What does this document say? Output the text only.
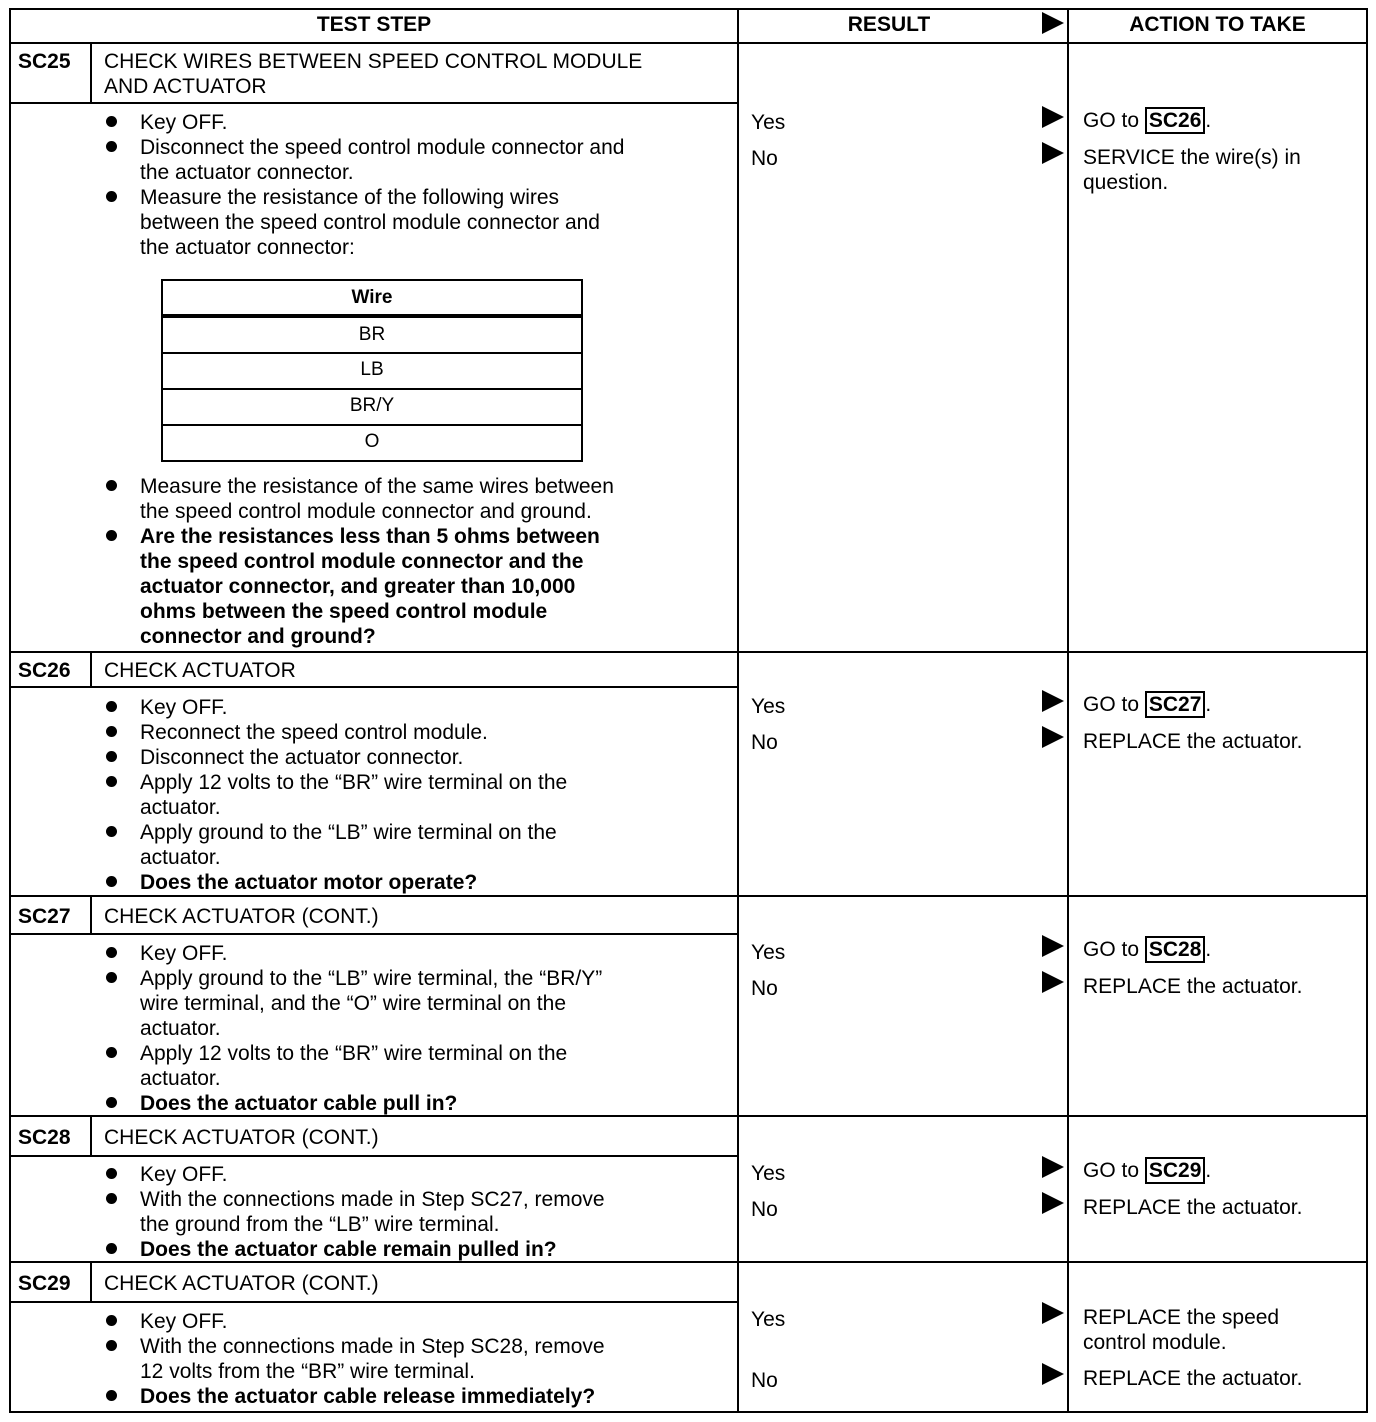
TEST STEP	RESULT	ACTION TO TAKE
SC25 CHECK WIRES BETWEEN SPEED CONTROL MODULE
AND ACTUATOR
Key OFF.
Disconnect the speed control module connector and
the actuator connector.
Measure the resistance of the following wires
between the speed control module connector and
the actuator connector:
Wire
BR
LB
BR/Y
O
Measure the resistance of the same wires between
the speed control module connector and ground.
Are the resistances less than 5 ohms between
the speed control module connector and the
actuator connector, and greater than 10,000
ohms between the speed control module
connector and ground?
Yes
No
GO to SC26 .
SERVICE the wire(s) in
question.
SC26 CHECK ACTUATOR
Key OFF.
Reconnect the speed control module.
Disconnect the actuator connector.
Apply 12 volts to the “BR” wire terminal on the
actuator.
Apply ground to the “LB” wire terminal on the
actuator.
Does the actuator motor operate?
Yes
No
GO to SC27 .
REPLACE the actuator.
SC27 CHECK ACTUATOR (CONT.)
Key OFF.
Apply ground to the “LB” wire terminal, the “BR/Y”
wire terminal, and the “O” wire terminal on the
actuator.
Apply 12 volts to the “BR” wire terminal on the
actuator.
Does the actuator cable pull in?
Yes
No
GO to SC28 .
REPLACE the actuator.
SC28 CHECK ACTUATOR (CONT.)
Key OFF.
With the connections made in Step SC27, remove
the ground from the “LB” wire terminal.
Does the actuator cable remain pulled in?
Yes
No
GO to SC29 .
REPLACE the actuator.
SC29 CHECK ACTUATOR (CONT.)
Key OFF.
With the connections made in Step SC28, remove
12 volts from the “BR” wire terminal.
Does the actuator cable release immediately?
Yes
No
REPLACE the speed
control module.
REPLACE the actuator.
